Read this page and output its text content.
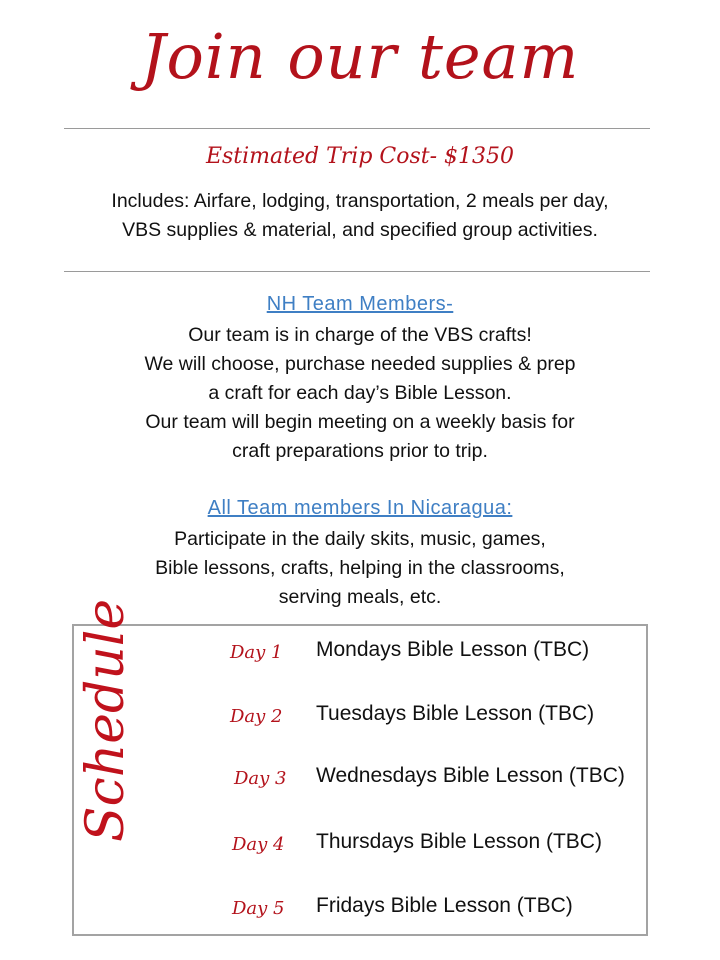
Join our team
Estimated Trip Cost- $1350
Includes: Airfare, lodging, transportation, 2 meals per day,
VBS supplies & material, and specified group activities.
NH Team Members-
Our team is in charge of the VBS crafts!
We will choose, purchase needed supplies & prep
a craft for each day’s Bible Lesson.
Our team will begin meeting on a weekly basis for
craft preparations prior to trip.
All Team members In Nicaragua:
Participate in the daily skits, music, games,
Bible lessons, crafts, helping in the classrooms,
serving meals, etc.
Schedule	Day 1 Mondays Bible Lesson (TBC)
Day 2 Tuesdays Bible Lesson (TBC)
Day 3 Wednesdays Bible Lesson (TBC)
Day 4 Thursdays Bible Lesson (TBC)
Day 5 Fridays Bible Lesson (TBC)
